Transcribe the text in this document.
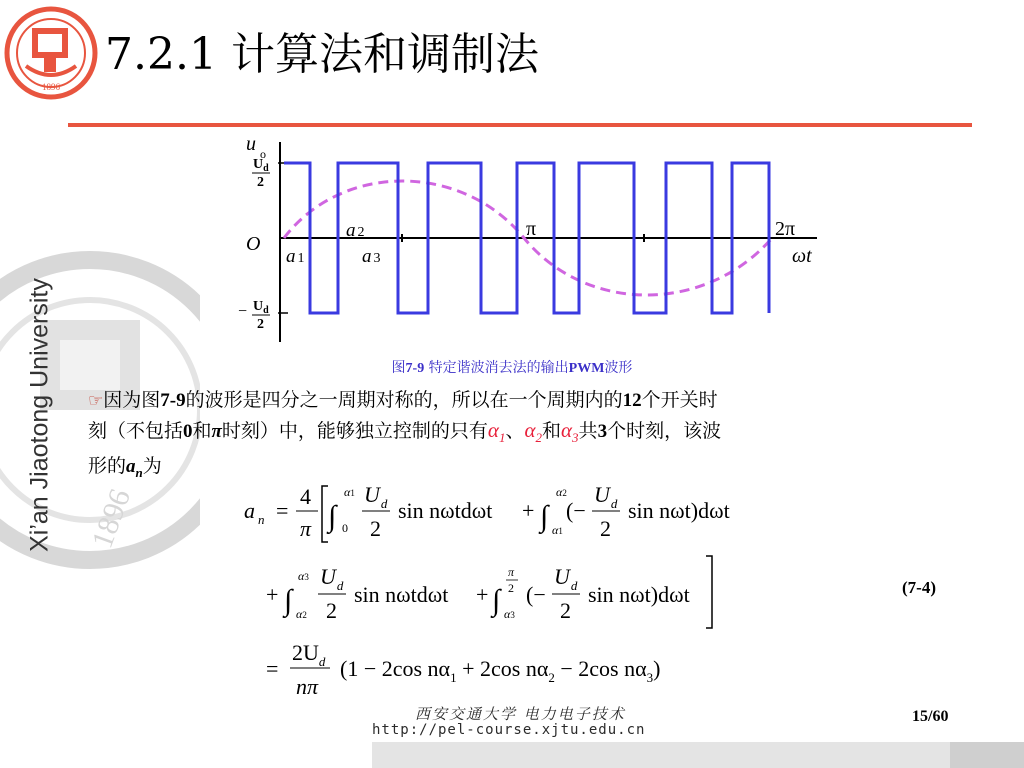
1896
7.2.1 计算法和调制法
1896
Xi’an Jiaotong University
u o
$U_d$
2
− $U_d$
2
O
a 1
a 2
a 3
π	2π
ωt
图7-9 特定谐波消去法的输出PWM波形
☞因为图7-9的波形是四分之一周期对称的，所以在一个周期内的12个开关时
刻（不包括0和π时刻）中，能够独立控制的只有$\alpha_1$、$\alpha_2$和$\alpha_3$共3个时刻，该波
形的$a_n$为
a n =
4
π ∫
α1
0
$U_d$
2
sin nωtdωt + ∫
α2
α1
(−
$U_d$
2
sin nωt)dωt
+ ∫
α3
α2
$U_d$
2
sin nωtdωt + ∫
π
2
α3
(−
$U_d$
2
sin nωt)dωt
=
$2U_d$
nπ
(1 − 2cos $n\alpha_1 + 2\cos$ $n\alpha_2 - 2\cos$ $n\alpha_3$)
(7-4)
西安交通大学 电力电子技术
http://pel-course.xjtu.edu.cn
15/60
